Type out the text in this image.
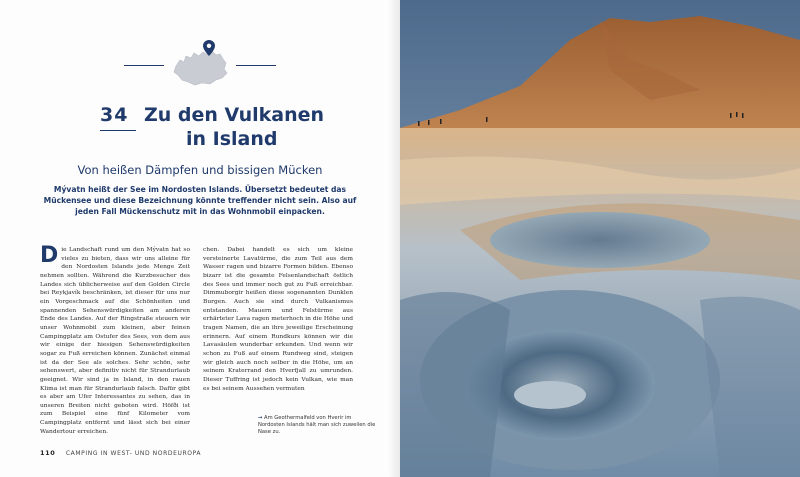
34 Zu den Vulkanen
in Island
Von heißen Dämpfen und bissigen Mücken
Mývatn heißt der See im Nordosten Islands. Übersetzt bedeutet das Mückensee und diese Bezeichnung könnte treffender nicht sein. Also auf jeden Fall Mückenschutz mit in das Wohnmobil einpacken.

Die Landschaft rund um den Mývatn hat so vieles zu bieten, dass wir uns alleine für den Nordosten Islands jede Menge Zeit nehmen sollten. Während die Kurzbesucher des Landes sich üblicherweise auf den Golden Circle bei Reykjavík beschränken, ist dieser für uns nur ein Vorgeschmack auf die Schönheiten und spannenden Sehenswürdigkeiten am anderen Ende des Landes. Auf der Ringstraße steuern wir unser Wohnmobil zum kleinen, aber feinen Campingplatz am Ostufer des Sees, von dem aus wir einige der hiesigen Sehenswürdigkeiten sogar zu Fuß erreichen können. Zunächst einmal ist da der See als solches. Sehr schön, sehr sehenswert, aber definitiv nicht für Strandurlaub geeignet. Wir sind ja in Island, in den rauen Klima ist man für Strandurlaub falsch. Dafür gibt es aber am Ufer Interessantes zu sehen, das in unseren Breiten nicht geboten wird. Höfði ist zum Beispiel eine fünf Kilometer vom Campingplatz entfernt und lässt sich bei einer Wandertour erreichen.

chen. Dabei handelt es sich um kleine versteinerte Lavatürme, die zum Teil aus dem Wasser ragen und bizarre Formen bilden. Ebenso bizarr ist die gesamte Felsenlandschaft östlich des Sees und immer noch gut zu Fuß erreichbar. Dimmuborgir heißen diese sogenannten Dunklen Burgen. Auch sie sind durch Vulkanismus entstanden. Mauern und Felstürme aus erhärteter Lava ragen meterhoch in die Höhe und tragen Namen, die an ihre jeweilige Erscheinung erinnern. Auf einem Rundkurs können wir die Lavasäulen wunderbar erkunden. Und wenn wir schon zu Fuß auf einem Rundweg sind, steigen wir gleich auch noch selber in die Höhe, um an seinem Kraterrand den Hverfjall zu umrunden. Dieser Tuffring ist jedoch kein Vulkan, wie man es bei seinem Aussehen vermuten

→ Am Geothermalfeld von Hverir im Nordosten Islands hält man sich zuweilen die Nase zu.
110 CAMPING IN WEST- UND NORDEUROPA
